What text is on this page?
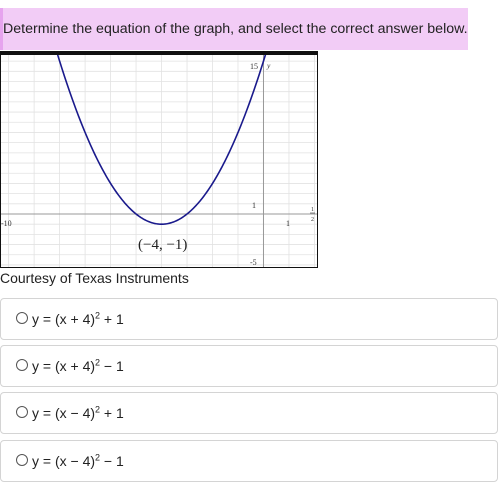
Determine the equation of the graph, and select the correct answer below.
15 y
1
-5
-10	1
1
2
(−4, −1)
Courtesy of Texas Instruments
$y = (x + 4)^2 + 1$
$y = (x + 4)^2 - 1$
$y = (x - 4)^2 + 1$
$y = (x - 4)^2 - 1$
